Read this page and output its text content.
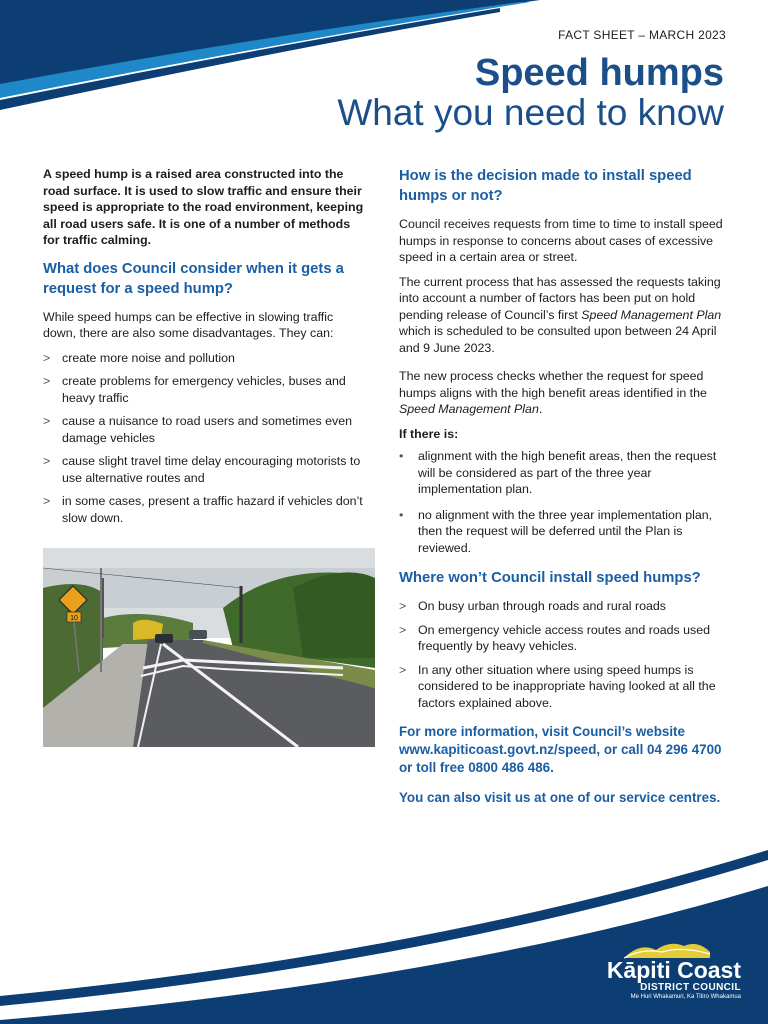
FACT SHEET – MARCH 2023
Speed humps
What you need to know

A speed hump is a raised area constructed into the road surface. It is used to slow traffic and ensure their speed is appropriate to the road environment, keeping all road users safe. It is one of a number of methods for traffic calming.

What does Council consider when it gets a request for a speed hump?

While speed humps can be effective in slowing traffic down, there are also some disadvantages. They can:

> create more noise and pollution
> create problems for emergency vehicles, buses and heavy traffic
> cause a nuisance to road users and sometimes even damage vehicles
> cause slight travel time delay encouraging motorists to use alternative routes and
> in some cases, present a traffic hazard if vehicles don’t slow down.
10
How is the decision made to install speed humps or not?

Council receives requests from time to time to install speed humps in response to concerns about cases of excessive speed in a certain area or street.

The current process that has assessed the requests taking into account a number of factors has been put on hold pending release of Council’s first Speed Management Plan which is scheduled to be consulted upon between 24 April and 9 June 2023.

The new process checks whether the request for speed humps aligns with the high benefit areas identified in the Speed Management Plan.

If there is:
• alignment with the high benefit areas, then the request will be considered as part of the three year implementation plan.
• no alignment with the three year implementation plan, then the request will be deferred until the Plan is reviewed.
Where won’t Council install speed humps?
> On busy urban through roads and rural roads
> On emergency vehicle access routes and roads used frequently by heavy vehicles.
> In any other situation where using speed humps is considered to be inappropriate having looked at all the factors explained above.
For more information, visit Council’s website www.kapiticoast.govt.nz/speed, or call 04 296 4700 or toll free 0800 486 486.
You can also visit us at one of our service centres.
Kāpiti Coast
DISTRICT COUNCIL
Me Huri Whakamuri, Ka Titiro Whakamua
